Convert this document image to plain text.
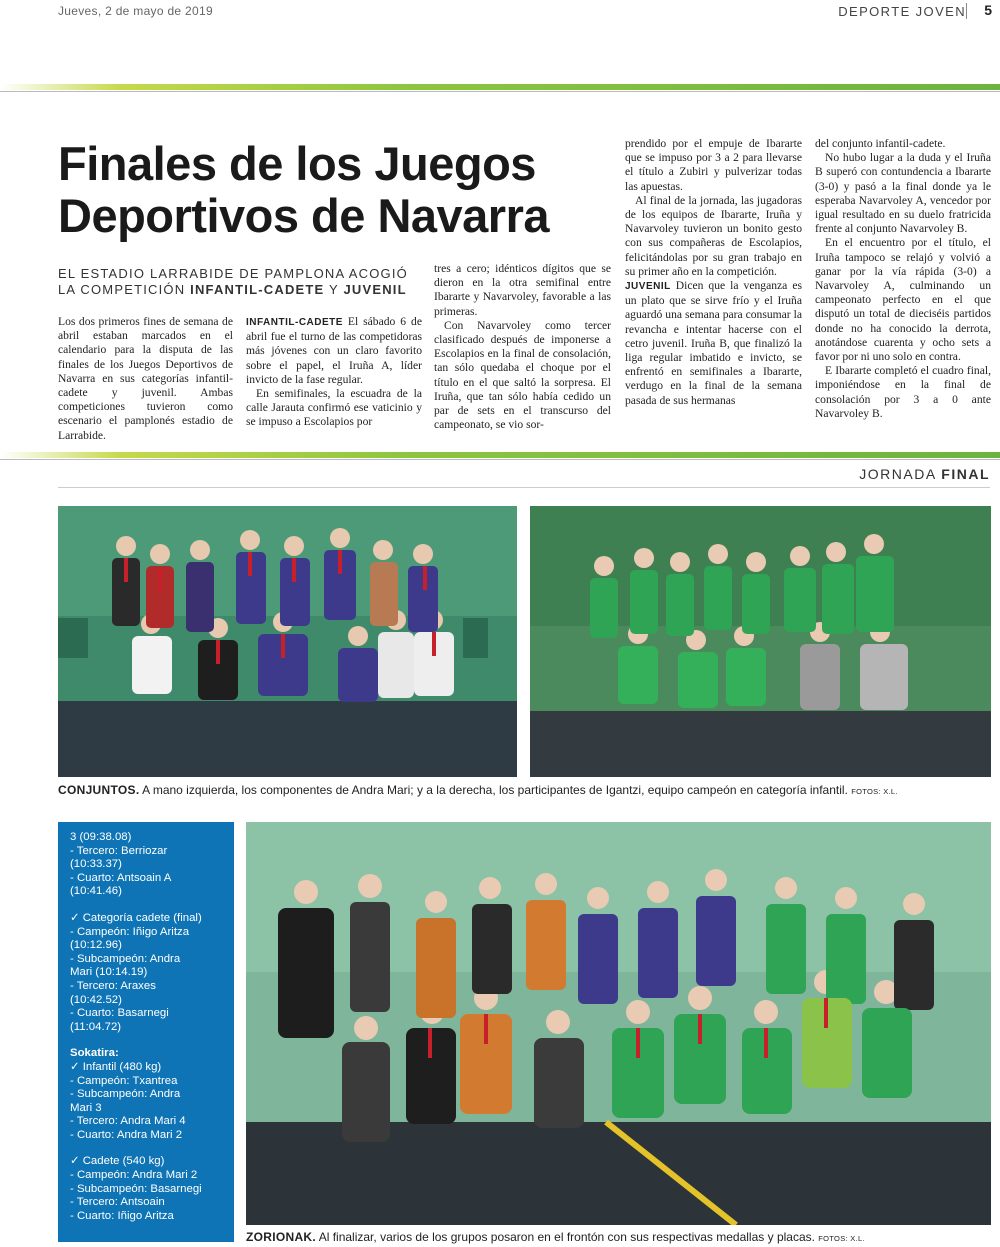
Jueves, 2 de mayo de 2019	DEPORTE JOVEN 5
Finales de los Juegos
Deportivos de Navarra
EL ESTADIO LARRABIDE DE PAMPLONA ACOGIÓ LA COMPETICIÓN INFANTIL-CADETE Y JUVENIL

Los dos primeros fines de semana de abril estaban marcados en el calendario para la disputa de las finales de los Juegos Deportivos de Navarra en sus categorías infantil-cadete y juvenil. Ambas competiciones tuvieron como escenario el pamplonés estadio de Larrabide.

INFANTIL-CADETE El sábado 6 de abril fue el turno de las competidoras más jóvenes con un claro favorito sobre el papel, el Iruña A, líder invicto de la fase regular.

En semifinales, la escuadra de la calle Jarauta confirmó ese vaticinio y se impuso a Escolapios por

tres a cero; idénticos dígitos que se dieron en la otra semifinal entre Ibararte y Navarvoley, favorable a las primeras.

Con Navarvoley como tercer clasificado después de imponerse a Escolapios en la final de consolación, tan sólo quedaba el choque por el título en el que saltó la sorpresa. El Iruña, que tan sólo había cedido un par de sets en el transcurso del campeonato, se vio sor-

prendido por el empuje de Ibararte que se impuso por 3 a 2 para llevarse el título a Zubiri y pulverizar todas las apuestas.

Al final de la jornada, las jugadoras de los equipos de Ibararte, Iruña y Navarvoley tuvieron un bonito gesto con sus compañeras de Escolapios, felicitándolas por su gran trabajo en su primer año en la competición.

JUVENIL Dicen que la venganza es un plato que se sirve frío y el Iruña aguardó una semana para consumar la revancha e intentar hacerse con el cetro juvenil. Iruña B, que finalizó la liga regular imbatido e invicto, se enfrentó en semifinales a Ibararte, verdugo en la final de la semana pasada de sus hermanas

del conjunto infantil-cadete.

No hubo lugar a la duda y el Iruña B superó con contundencia a Ibararte (3-0) y pasó a la final donde ya le esperaba Navarvoley A, vencedor por igual resultado en su duelo fratricida frente al conjunto Navarvoley B.

En el encuentro por el título, el Iruña tampoco se relajó y volvió a ganar por la vía rápida (3-0) a Navarvoley A, culminando un campeonato perfecto en el que disputó un total de dieciséis partidos donde no ha conocido la derrota, anotándose cuarenta y ocho sets a favor por ni uno solo en contra.

E Ibararte completó el cuadro final, imponiéndose en la final de consolación por 3 a 0 ante Navarvoley B.

JORNADA FINAL
CONJUNTOS. A mano izquierda, los componentes de Andra Mari; y a la derecha, los participantes de Igantzi, equipo campeón en categoría infantil. FOTOS: X.L.
3 (09:38.08)
- Tercero: Berriozar
(10:33.37)
- Cuarto: Antsoain A
(10:41.46)
✓ Categoría cadete (final)
- Campeón: Iñigo Aritza
(10:12.96)
- Subcampeón: Andra
Mari (10:14.19)
- Tercero: Araxes
(10:42.52)
- Cuarto: Basarnegi
(11:04.72)
Sokatira:
✓ Infantil (480 kg)
- Campeón: Txantrea
- Subcampeón: Andra
Mari 3
- Tercero: Andra Mari 4
- Cuarto: Andra Mari 2
✓ Cadete (540 kg)
- Campeón: Andra Mari 2
- Subcampeón: Basarnegi
- Tercero: Antsoain
- Cuarto: Iñigo Aritza
ZORIONAK. Al finalizar, varios de los grupos posaron en el frontón con sus respectivas medallas y placas. FOTOS: X.L.
